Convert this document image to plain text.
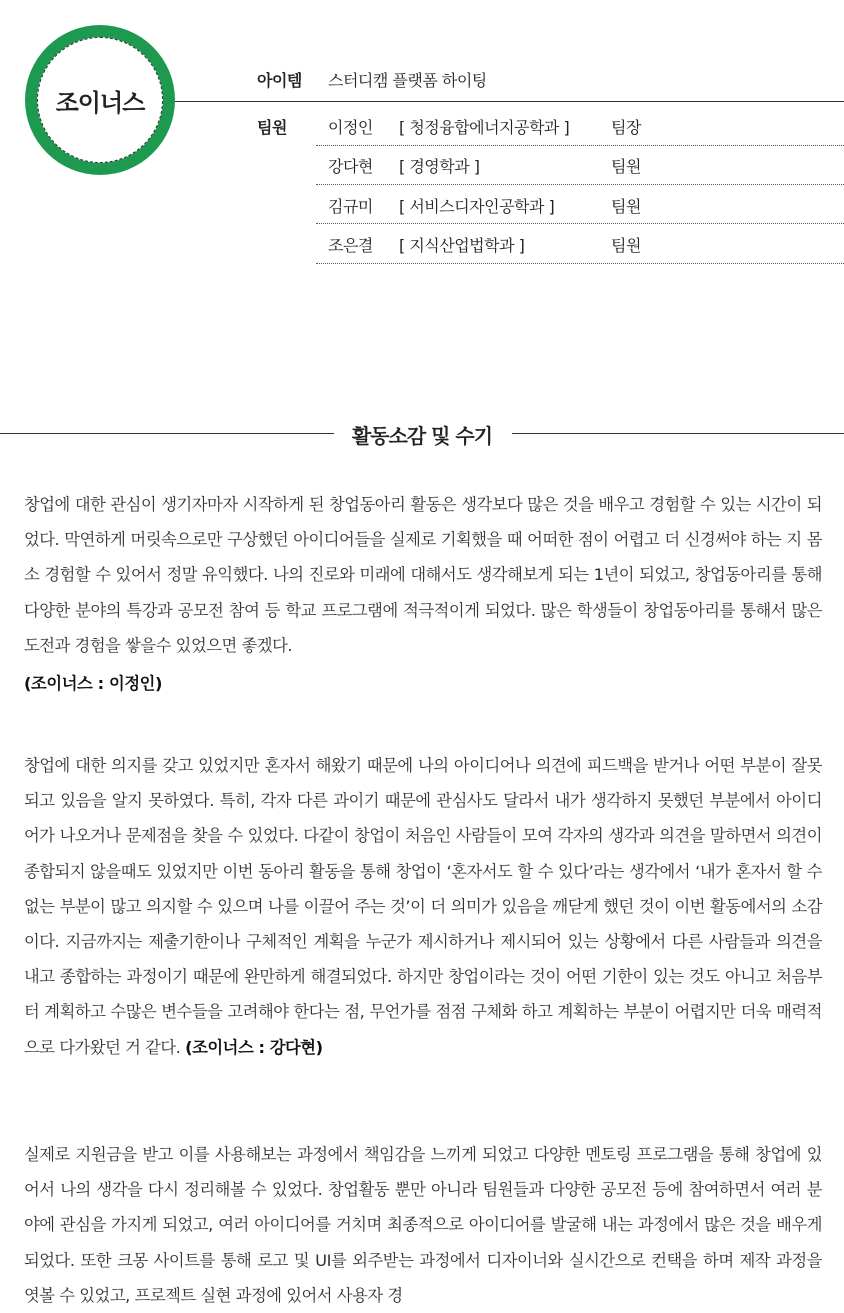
조이너스
아이템 스터디캠 플랫폼 하이팅
팀원	이정인 [ 청정융합에너지공학과 ]	팀장
강다현 [ 경영학과 ]	팀원
김규미 [ 서비스디자인공학과 ]	팀원
조은결 [ 지식산업법학과 ]	팀원
활동소감 및 수기

창업에 대한 관심이 생기자마자 시작하게 된 창업동아리 활동은 생각보다 많은 것을 배우고 경험할 수 있는 시간이 되었다. 막연하게 머릿속으로만 구상했던 아이디어들을 실제로 기획했을 때 어떠한 점이 어렵고 더 신경써야 하는 지 몸소 경험할 수 있어서 정말 유익했다. 나의 진로와 미래에 대해서도 생각해보게 되는 1년이 되었고, 창업동아리를 통해 다양한 분야의 특강과 공모전 참여 등 학교 프로그램에 적극적이게 되었다. 많은 학생들이 창업동아리를 통해서 많은 도전과 경험을 쌓을수 있었으면 좋겠다.

(조이너스 : 이정인)

창업에 대한 의지를 갖고 있었지만 혼자서 해왔기 때문에 나의 아이디어나 의견에 피드백을 받거나 어떤 부분이 잘못되고 있음을 알지 못하였다. 특히, 각자 다른 과이기 때문에 관심사도 달라서 내가 생각하지 못했던 부분에서 아이디어가 나오거나 문제점을 찾을 수 있었다. 다같이 창업이 처음인 사람들이 모여 각자의 생각과 의견을 말하면서 의견이 종합되지 않을때도 있었지만 이번 동아리 활동을 통해 창업이 ‘혼자서도 할 수 있다’라는 생각에서 ‘내가 혼자서 할 수 없는 부분이 많고 의지할 수 있으며 나를 이끌어 주는 것’이 더 의미가 있음을 깨닫게 했던 것이 이번 활동에서의 소감이다. 지금까지는 제출기한이나 구체적인 계획을 누군가 제시하거나 제시되어 있는 상황에서 다른 사람들과 의견을 내고 종합하는 과정이기 때문에 완만하게 해결되었다. 하지만 창업이라는 것이 어떤 기한이 있는 것도 아니고 처음부터 계획하고 수많은 변수들을 고려해야 한다는 점, 무언가를 점점 구체화 하고 계획하는 부분이 어렵지만 더욱 매력적으로 다가왔던 거 같다. (조이너스 : 강다현)

실제로 지원금을 받고 이를 사용해보는 과정에서 책임감을 느끼게 되었고 다양한 멘토링 프로그램을 통해 창업에 있어서 나의 생각을 다시 정리해볼 수 있었다. 창업활동 뿐만 아니라 팀원들과 다양한 공모전 등에 참여하면서 여러 분야에 관심을 가지게 되었고, 여러 아이디어를 거치며 최종적으로 아이디어를 발굴해 내는 과정에서 많은 것을 배우게 되었다. 또한 크몽 사이트를 통해 로고 및 UI를 외주받는 과정에서 디자이너와 실시간으로 컨택을 하며 제작 과정을 엿볼 수 있었고, 프로젝트 실현 과정에 있어서 사용자 경
